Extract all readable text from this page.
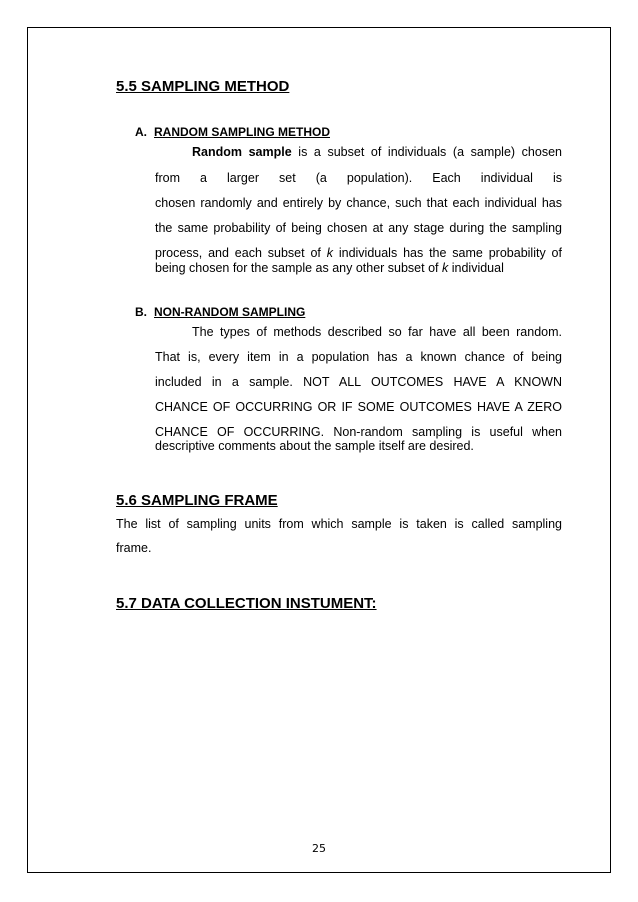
5.5 SAMPLING METHOD
A. RANDOM SAMPLING METHOD

Random sample is a subset of individuals (a sample) chosen

from a larger set (a population). Each individual is

chosen randomly and entirely by chance, such that each individual has

the same probability of being chosen at any stage during the sampling

process, and each subset of k individuals has the same probability of

being chosen for the sample as any other subset of k individual

B. NON-RANDOM SAMPLING

The types of methods described so far have all been random.

That is, every item in a population has a known chance of being

included in a sample. NOT ALL OUTCOMES HAVE A KNOWN

CHANCE OF OCCURRING OR IF SOME OUTCOMES HAVE A ZERO

CHANCE OF OCCURRING. Non-random sampling is useful when

descriptive comments about the sample itself are desired.

5.6 SAMPLING FRAME

The list of sampling units from which sample is taken is called sampling

frame.

5.7 DATA COLLECTION INSTUMENT:
25
